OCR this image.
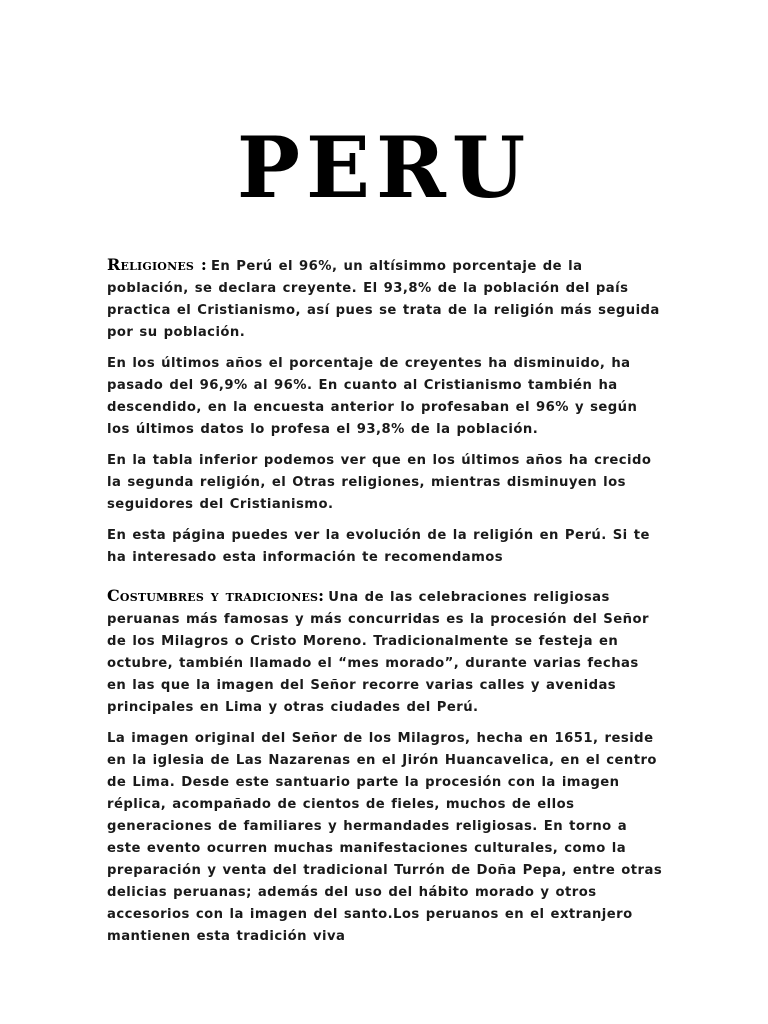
PERU

Religiones : En Perú el 96%, un altísimmo porcentaje de la población, se declara creyente. El 93,8% de la población del país practica el Cristianismo, así pues se trata de la religión más seguida por su población.

En los últimos años el porcentaje de creyentes ha disminuido, ha pasado del 96,9% al 96%. En cuanto al Cristianismo también ha descendido, en la encuesta anterior lo profesaban el 96% y según los últimos datos lo profesa el 93,8% de la población.

En la tabla inferior podemos ver que en los últimos años ha crecido la segunda religión, el Otras religiones, mientras disminuyen los seguidores del Cristianismo.

En esta página puedes ver la evolución de la religión en Perú. Si te ha interesado esta información te recomendamos

Costumbres y tradiciones: Una de las celebraciones religiosas peruanas más famosas y más concurridas es la procesión del Señor de los Milagros o Cristo Moreno. Tradicionalmente se festeja en octubre, también llamado el “mes morado”, durante varias fechas en las que la imagen del Señor recorre varias calles y avenidas principales en Lima y otras ciudades del Perú.

La imagen original del Señor de los Milagros, hecha en 1651, reside en la iglesia de Las Nazarenas en el Jirón Huancavelica, en el centro de Lima. Desde este santuario parte la procesión con la imagen réplica, acompañado de cientos de fieles, muchos de ellos generaciones de familiares y hermandades religiosas. En torno a este evento ocurren muchas manifestaciones culturales, como la preparación y venta del tradicional Turrón de Doña Pepa, entre otras delicias peruanas; además del uso del hábito morado y otros accesorios con la imagen del santo.Los peruanos en el extranjero mantienen esta tradición viva
